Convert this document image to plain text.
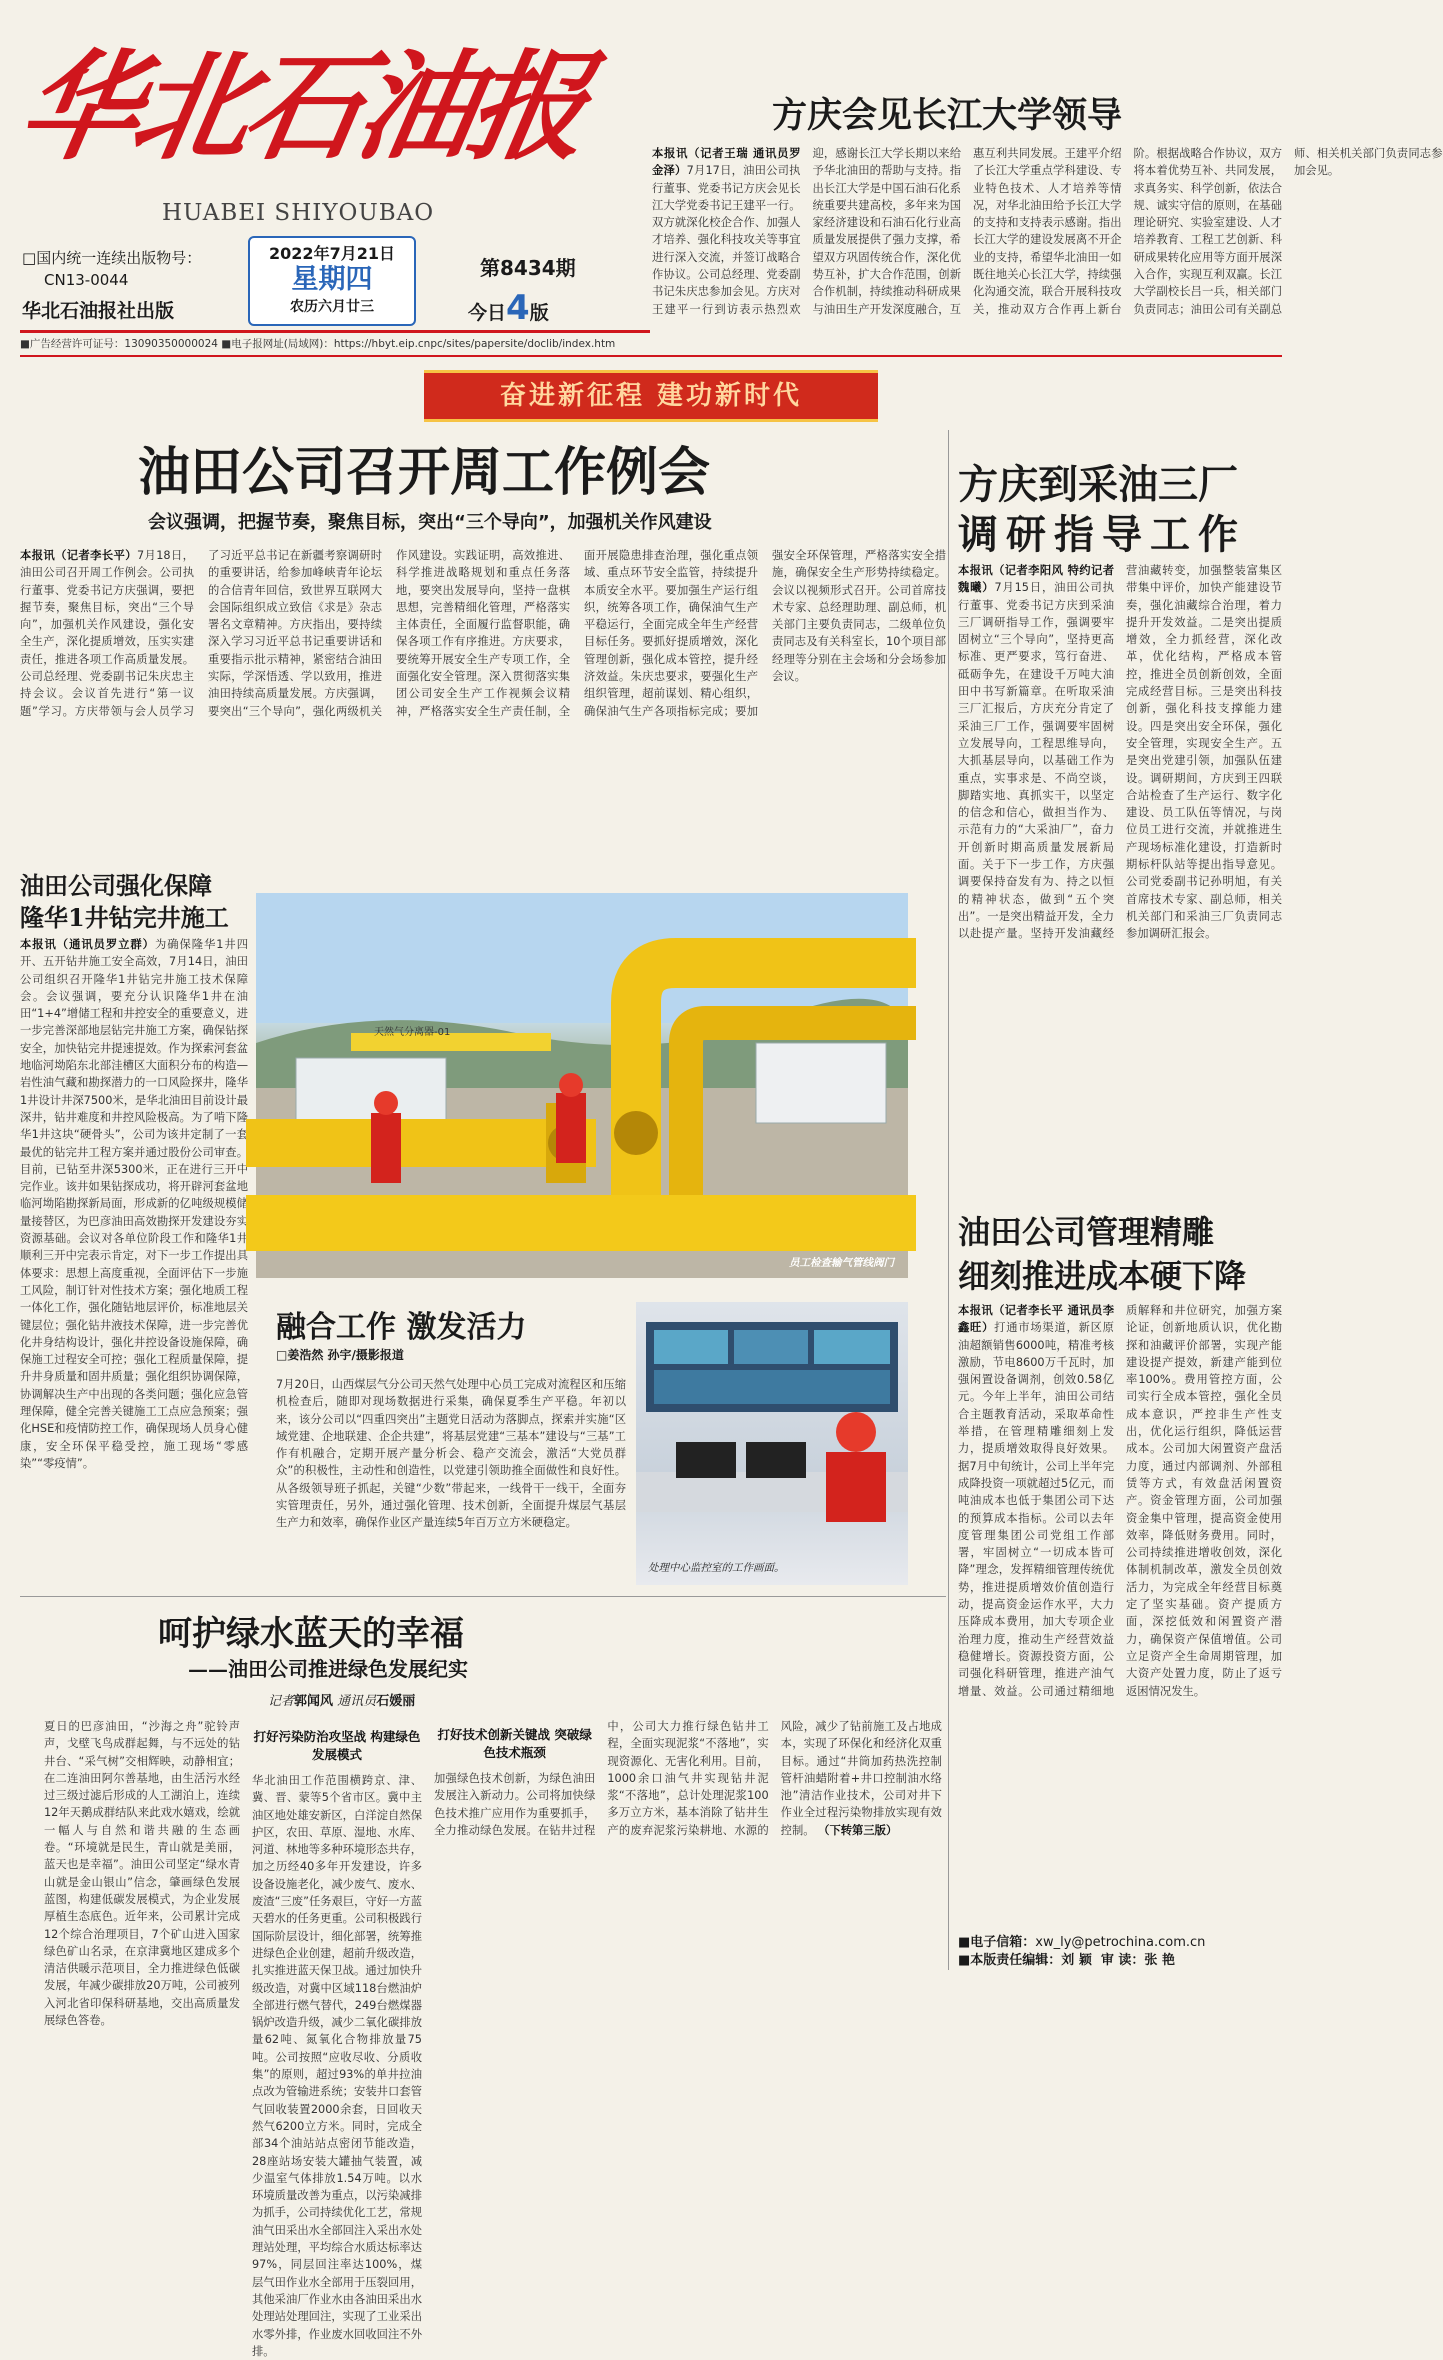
华北石油报
HUABEI SHIYOUBAO
□国内统一连续出版物号：
CN13-0044
华北石油报社出版
2022年7月21日
星期四
农历六月廿三
第8434期
今日4版
■广告经营许可证号：13090350000024 ■电子报网址(局域网)：https://hbyt.eip.cnpc/sites/papersite/doclib/index.htm
方庆会见长江大学领导
本报讯（记者王瑞 通讯员罗金泽）7月17日，油田公司执行董事、党委书记方庆会见长江大学党委书记王建平一行。双方就深化校企合作、加强人才培养、强化科技攻关等事宜进行深入交流，并签订战略合作协议。公司总经理、党委副书记朱庆忠参加会见。方庆对王建平一行到访表示热烈欢迎，感谢长江大学长期以来给予华北油田的帮助与支持。指出长江大学是中国石油石化系统重要共建高校，多年来为国家经济建设和石油石化行业高质量发展提供了强力支撑，希望双方巩固传统合作，深化优势互补，扩大合作范围，创新合作机制，持续推动科研成果与油田生产开发深度融合，互惠互利共同发展。王建平介绍了长江大学重点学科建设、专业特色技术、人才培养等情况，对华北油田给予长江大学的支持和支持表示感谢。指出长江大学的建设发展离不开企业的支持，希望华北油田一如既往地关心长江大学，持续强化沟通交流，联合开展科技攻关，推动双方合作再上新台阶。根据战略合作协议，双方将本着优势互补、共同发展，求真务实、科学创新，依法合规、诚实守信的原则，在基础理论研究、实验室建设、人才培养教育、工程工艺创新、科研成果转化应用等方面开展深入合作，实现互利双赢。长江大学副校长吕一兵，相关部门负责同志；油田公司有关副总师、相关机关部门负责同志参加会见。
奋进新征程 建功新时代
油田公司召开周工作例会
会议强调，把握节奏，聚焦目标，突出“三个导向”，加强机关作风建设
本报讯（记者李长平）7月18日，油田公司召开周工作例会。公司执行董事、党委书记方庆强调，要把握节奏，聚焦目标，突出“三个导向”，加强机关作风建设，强化安全生产，深化提质增效，压实实建责任，推进各项工作高质量发展。公司总经理、党委副书记朱庆忠主持会议。会议首先进行“第一议题”学习。方庆带领与会人员学习了习近平总书记在新疆考察调研时的重要讲话，给参加峰峡青年论坛的合信青年回信，致世界互联网大会国际组织成立致信《求是》杂志署名文章精神。方庆指出，要持续深入学习习近平总书记重要讲话和重要指示批示精神，紧密结合油田实际，学深悟透、学以致用，推进油田持续高质量发展。方庆强调，要突出“三个导向”，强化两级机关作风建设。实践证明，高效推进、科学推进战略规划和重点任务落地，要突出发展导向，坚持一盘棋思想，完善精细化管理，严格落实主体责任，全面履行监督职能，确保各项工作有序推进。方庆要求，要统筹开展安全生产专项工作，全面强化安全管理。深入贯彻落实集团公司安全生产工作视频会议精神，严格落实安全生产责任制，全面开展隐患排查治理，强化重点领域、重点环节安全监管，持续提升本质安全水平。要加强生产运行组织，统筹各项工作，确保油气生产平稳运行，全面完成全年生产经营目标任务。要抓好提质增效，深化管理创新，强化成本管控，提升经济效益。朱庆忠要求，要强化生产组织管理，超前谋划、精心组织，确保油气生产各项指标完成；要加强安全环保管理，严格落实安全措施，确保安全生产形势持续稳定。会议以视频形式召开。公司首席技术专家、总经理助理、副总师，机关部门主要负责同志，二级单位负责同志及有关科室长，10个项目部经理等分别在主会场和分会场参加会议。
方庆到采油三厂
调研指导工作
本报讯（记者李阳风 特约记者魏曦）7月15日，油田公司执行董事、党委书记方庆到采油三厂调研指导工作，强调要牢固树立“三个导向”，坚持更高标准、更严要求，笃行奋进、砥砺争先，在建设千万吨大油田中书写新篇章。在听取采油三厂汇报后，方庆充分肯定了采油三厂工作，强调要牢固树立发展导向，工程思维导向，大抓基层导向，以基础工作为重点，实事求是、不尚空谈，脚踏实地、真抓实干，以坚定的信念和信心，做担当作为、示范有力的“大采油厂”，奋力开创新时期高质量发展新局面。关于下一步工作，方庆强调要保持奋发有为、持之以恒的精神状态，做到“五个突出”。一是突出精益开发，全力以赴提产量。坚持开发油藏经营油藏转变，加强整装富集区带集中评价，加快产能建设节奏，强化油藏综合治理，着力提升开发效益。二是突出提质增效，全力抓经营，深化改革，优化结构，严格成本管控，推进全员创新创效，全面完成经营目标。三是突出科技创新，强化科技支撑能力建设。四是突出安全环保，强化安全管理，实现安全生产。五是突出党建引领，加强队伍建设。调研期间，方庆到王四联合站检查了生产运行、数字化建设、员工队伍等情况，与岗位员工进行交流，并就推进生产现场标准化建设，打造新时期标杆队站等提出指导意见。公司党委副书记孙明旭，有关首席技术专家、副总师，相关机关部门和采油三厂负责同志参加调研汇报会。
油田公司强化保障
隆华1井钻完井施工
本报讯（通讯员罗立群）为确保隆华1井四开、五开钻井施工安全高效，7月14日，油田公司组织召开隆华1井钻完井施工技术保障会。会议强调，要充分认识隆华1井在油田“1+4”增储工程和井控安全的重要意义，进一步完善深部地层钻完井施工方案，确保钻探安全，加快钻完井提速提效。作为探索河套盆地临河坳陷东北部洼槽区大面积分布的构造—岩性油气藏和勘探潜力的一口风险探井，隆华1井设计井深7500米，是华北油田目前设计最深井，钻井难度和井控风险极高。为了啃下隆华1井这块“硬骨头”，公司为该井定制了一套最优的钻完井工程方案并通过股份公司审查。目前，已钻至井深5300米，正在进行三开中完作业。该井如果钻探成功，将开辟河套盆地临河坳陷勘探新局面，形成新的亿吨级规模储量接替区，为巴彦油田高效勘探开发建设夯实资源基础。会议对各单位阶段工作和隆华1井顺利三开中完表示肯定，对下一步工作提出具体要求：思想上高度重视，全面评估下一步施工风险，制订针对性技术方案；强化地质工程一体化工作，强化随钻地层评价，标准地层关键层位；强化钻井液技术保障，进一步完善优化井身结构设计，强化井控设备设施保障，确保施工过程安全可控；强化工程质量保障，提升井身质量和固井质量；强化组织协调保障，协调解决生产中出现的各类问题；强化应急管理保障，健全完善关键施工工点应急预案；强化HSE和疫情防控工作，确保现场人员身心健康，安全环保平稳受控，施工现场“零感染”“零疫情”。
天然气分离器-01
员工检查输气管线阀门
融合工作 激发活力
□姜浩然 孙宇/摄影报道
7月20日，山西煤层气分公司天然气处理中心员工完成对流程区和压缩机检查后，随即对现场数据进行采集，确保夏季生产平稳。年初以来，该分公司以“四重四突出”主题党日活动为落脚点，探索并实施“区域党建、企地联建、企企共建”，将基层党建“三基本”建设与“三基”工作有机融合，定期开展产量分析会、稳产交流会，激活“大党员群众”的积极性，主动性和创造性，以党建引领助推全面做性和良好性。从各级领导班子抓起，关键“少数”带起来，一线骨干一线干，全面夯实管理责任，另外，通过强化管理、技术创新，全面提升煤层气基层生产力和效率，确保作业区产量连续5年百万立方米硬稳定。
处理中心监控室的工作画面。
油田公司管理精雕
细刻推进成本硬下降
本报讯（记者李长平 通讯员李鑫旺）打通市场渠道，新区原油超额销售6000吨，精准考核激励，节电8600万千瓦时，加强闲置设备调剂，创效0.58亿元。今年上半年，油田公司结合主题教育活动，采取革命性举措，在管理精雕细刻上发力，提质增效取得良好效果。据7月中旬统计，公司上半年完成降投资一项就超过5亿元，而吨油成本也低于集团公司下达的预算成本指标。公司以去年度管理集团公司党组工作部署，牢固树立“一切成本皆可降”理念，发挥精细管理传统优势，推进提质增效价值创造行动，提高资金运作水平，大力压降成本费用，加大专项企业治理力度，推动生产经营效益稳健增长。资源投资方面，公司强化科研管理，推进产油气增量、效益。公司通过精细地质解释和井位研究，加强方案论证，创新地质认识，优化勘探和油藏评价部署，实现产能建设提产提效，新建产能到位率100%。费用管控方面，公司实行全成本管控，强化全员成本意识，严控非生产性支出，优化运行组织，降低运营成本。公司加大闲置资产盘活力度，通过内部调剂、外部租赁等方式，有效盘活闲置资产。资金管理方面，公司加强资金集中管理，提高资金使用效率，降低财务费用。同时，公司持续推进增收创效，深化体制机制改革，激发全员创效活力，为完成全年经营目标奠定了坚实基础。资产提质方面，深挖低效和闲置资产潜力，确保资产保值增值。公司立足资产全生命周期管理，加大资产处置力度，防止了返亏返困情况发生。
呵护绿水蓝天的幸福
——油田公司推进绿色发展纪实
记者郭闻风 通讯员石媛丽
夏日的巴彦油田，“沙海之舟”驼铃声声，戈壁飞鸟成群起舞，与不远处的钻井台、“采气树”交相辉映，动静相宜；在二连油田阿尔善基地，由生活污水经过三级过滤后形成的人工湖泊上，连续12年天鹅成群结队来此戏水嬉戏，绘就一幅人与自然和谐共融的生态画卷。“环境就是民生，青山就是美丽，蓝天也是幸福”。油田公司坚定“绿水青山就是金山银山”信念，肇画绿色发展蓝图，构建低碳发展模式，为企业发展厚植生态底色。近年来，公司累计完成12个综合治理项目，7个矿山进入国家绿色矿山名录，在京津冀地区建成多个清洁供暖示范项目，全力推进绿色低碳发展，年减少碳排放20万吨，公司被列入河北省印保科研基地，交出高质量发展绿色答卷。
打好污染防治攻坚战 构建绿色发展模式
华北油田工作范围横跨京、津、冀、晋、蒙等5个省市区。冀中主油区地处雄安新区，白洋淀自然保护区，农田、草原、湿地、水库、河道、林地等多种环境形态共存，加之历经40多年开发建设，许多设备设施老化，减少废气、废水、废渣“三废”任务艰巨，守好一方蓝天碧水的任务更重。公司积极践行国际阶层设计，细化部署，统筹推进绿色企业创建，超前升级改造，扎实推进蓝天保卫战。通过加快升级改造，对冀中区域118台燃油炉全部进行燃气替代，249台燃煤器锅炉改造升级，减少二氧化碳排放量62吨、氮氧化合物排放量75吨。公司按照“应收尽收、分质收集”的原则，超过93%的单井拉油点改为管输进系统；安装井口套管气回收装置2000余套，日回收天然气6200立方米。同时，完成全部34个油站站点密闭节能改造，28座站场安装大罐抽气装置，减少温室气体排放1.54万吨。以水环境质量改善为重点，以污染减排为抓手，公司持续优化工艺，常规油气田采出水全部回注入采出水处理站处理，平均综合水质达标率达97%，同层回注率达100%，煤层气田作业水全部用于压裂回用，其他采油厂作业水由各油田采出水处理站处理回注，实现了工业采出水零外排，作业废水回收回注不外排。
打好技术创新关键战 突破绿色技术瓶颈
加强绿色技术创新，为绿色油田发展注入新动力。公司将加快绿色技术推广应用作为重要抓手，全力推动绿色发展。在钻井过程中，公司大力推行绿色钻井工程，全面实现泥浆“不落地”，实现资源化、无害化利用。目前，1000余口油气井实现钻井泥浆“不落地”，总计处理泥浆100多万立方米，基本消除了钻井生产的废弃泥浆污染耕地、水源的风险，减少了钻前施工及占地成本，实现了环保化和经济化双重目标。通过“井筒加药热洗控制管杆油蜡附着+井口控制油水络池”清洁作业技术，公司对井下作业全过程污染物排放实现有效控制。 （下转第三版）
■电子信箱：xw_ly@petrochina.com.cn
■本版责任编辑：刘 颖 审 读：张 艳
